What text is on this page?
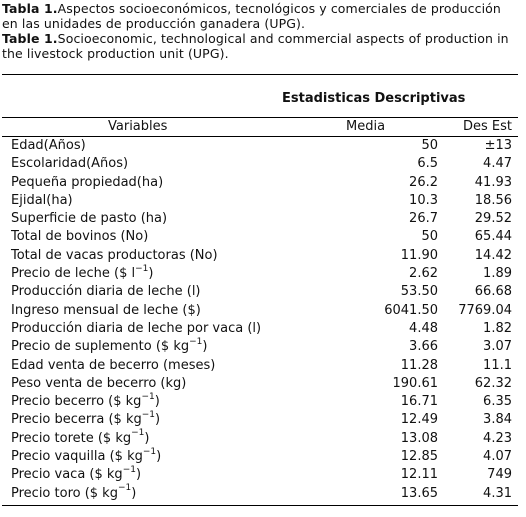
Tabla 1.Aspectos socioeconómicos, tecnológicos y comerciales de producción en las unidades de producción ganadera (UPG).
Table 1.Socioeconomic, technological and commercial aspects of production in the livestock production unit (UPG).
Estadisticas Descriptivas
Variables	Media	Des Est
Edad(Años)	50	±13
Escolaridad(Años)	6.5	4.47
Pequeña propiedad(ha)	26.2	41.93
Ejidal(ha)	10.3	18.56
Superficie de pasto (ha)	26.7	29.52
Total de bovinos (No)	50	65.44
Total de vacas productoras (No)	11.90	14.42
Precio de leche ($ $l^{-1}$)	2.62	1.89
Producción diaria de leche (l)	53.50	66.68
Ingreso mensual de leche ($)	6041.50 7769.04
Producción diaria de leche por vaca (l)	4.48	1.82
Precio de suplemento ($ $kg^{-1}$)	3.66	3.07
Edad venta de becerro (meses)	11.28	11.1
Peso venta de becerro (kg)	190.61	62.32
Precio becerro ($ $kg^{-1}$)	16.71	6.35
Precio becerra ($ $kg^{-1}$)	12.49	3.84
Precio torete ($ $kg^{-1}$)	13.08	4.23
Precio vaquilla ($ $kg^{-1}$)	12.85	4.07
Precio vaca ($ $kg^{-1}$)	12.11	749
Precio toro ($ $kg^{-1}$)	13.65	4.31
